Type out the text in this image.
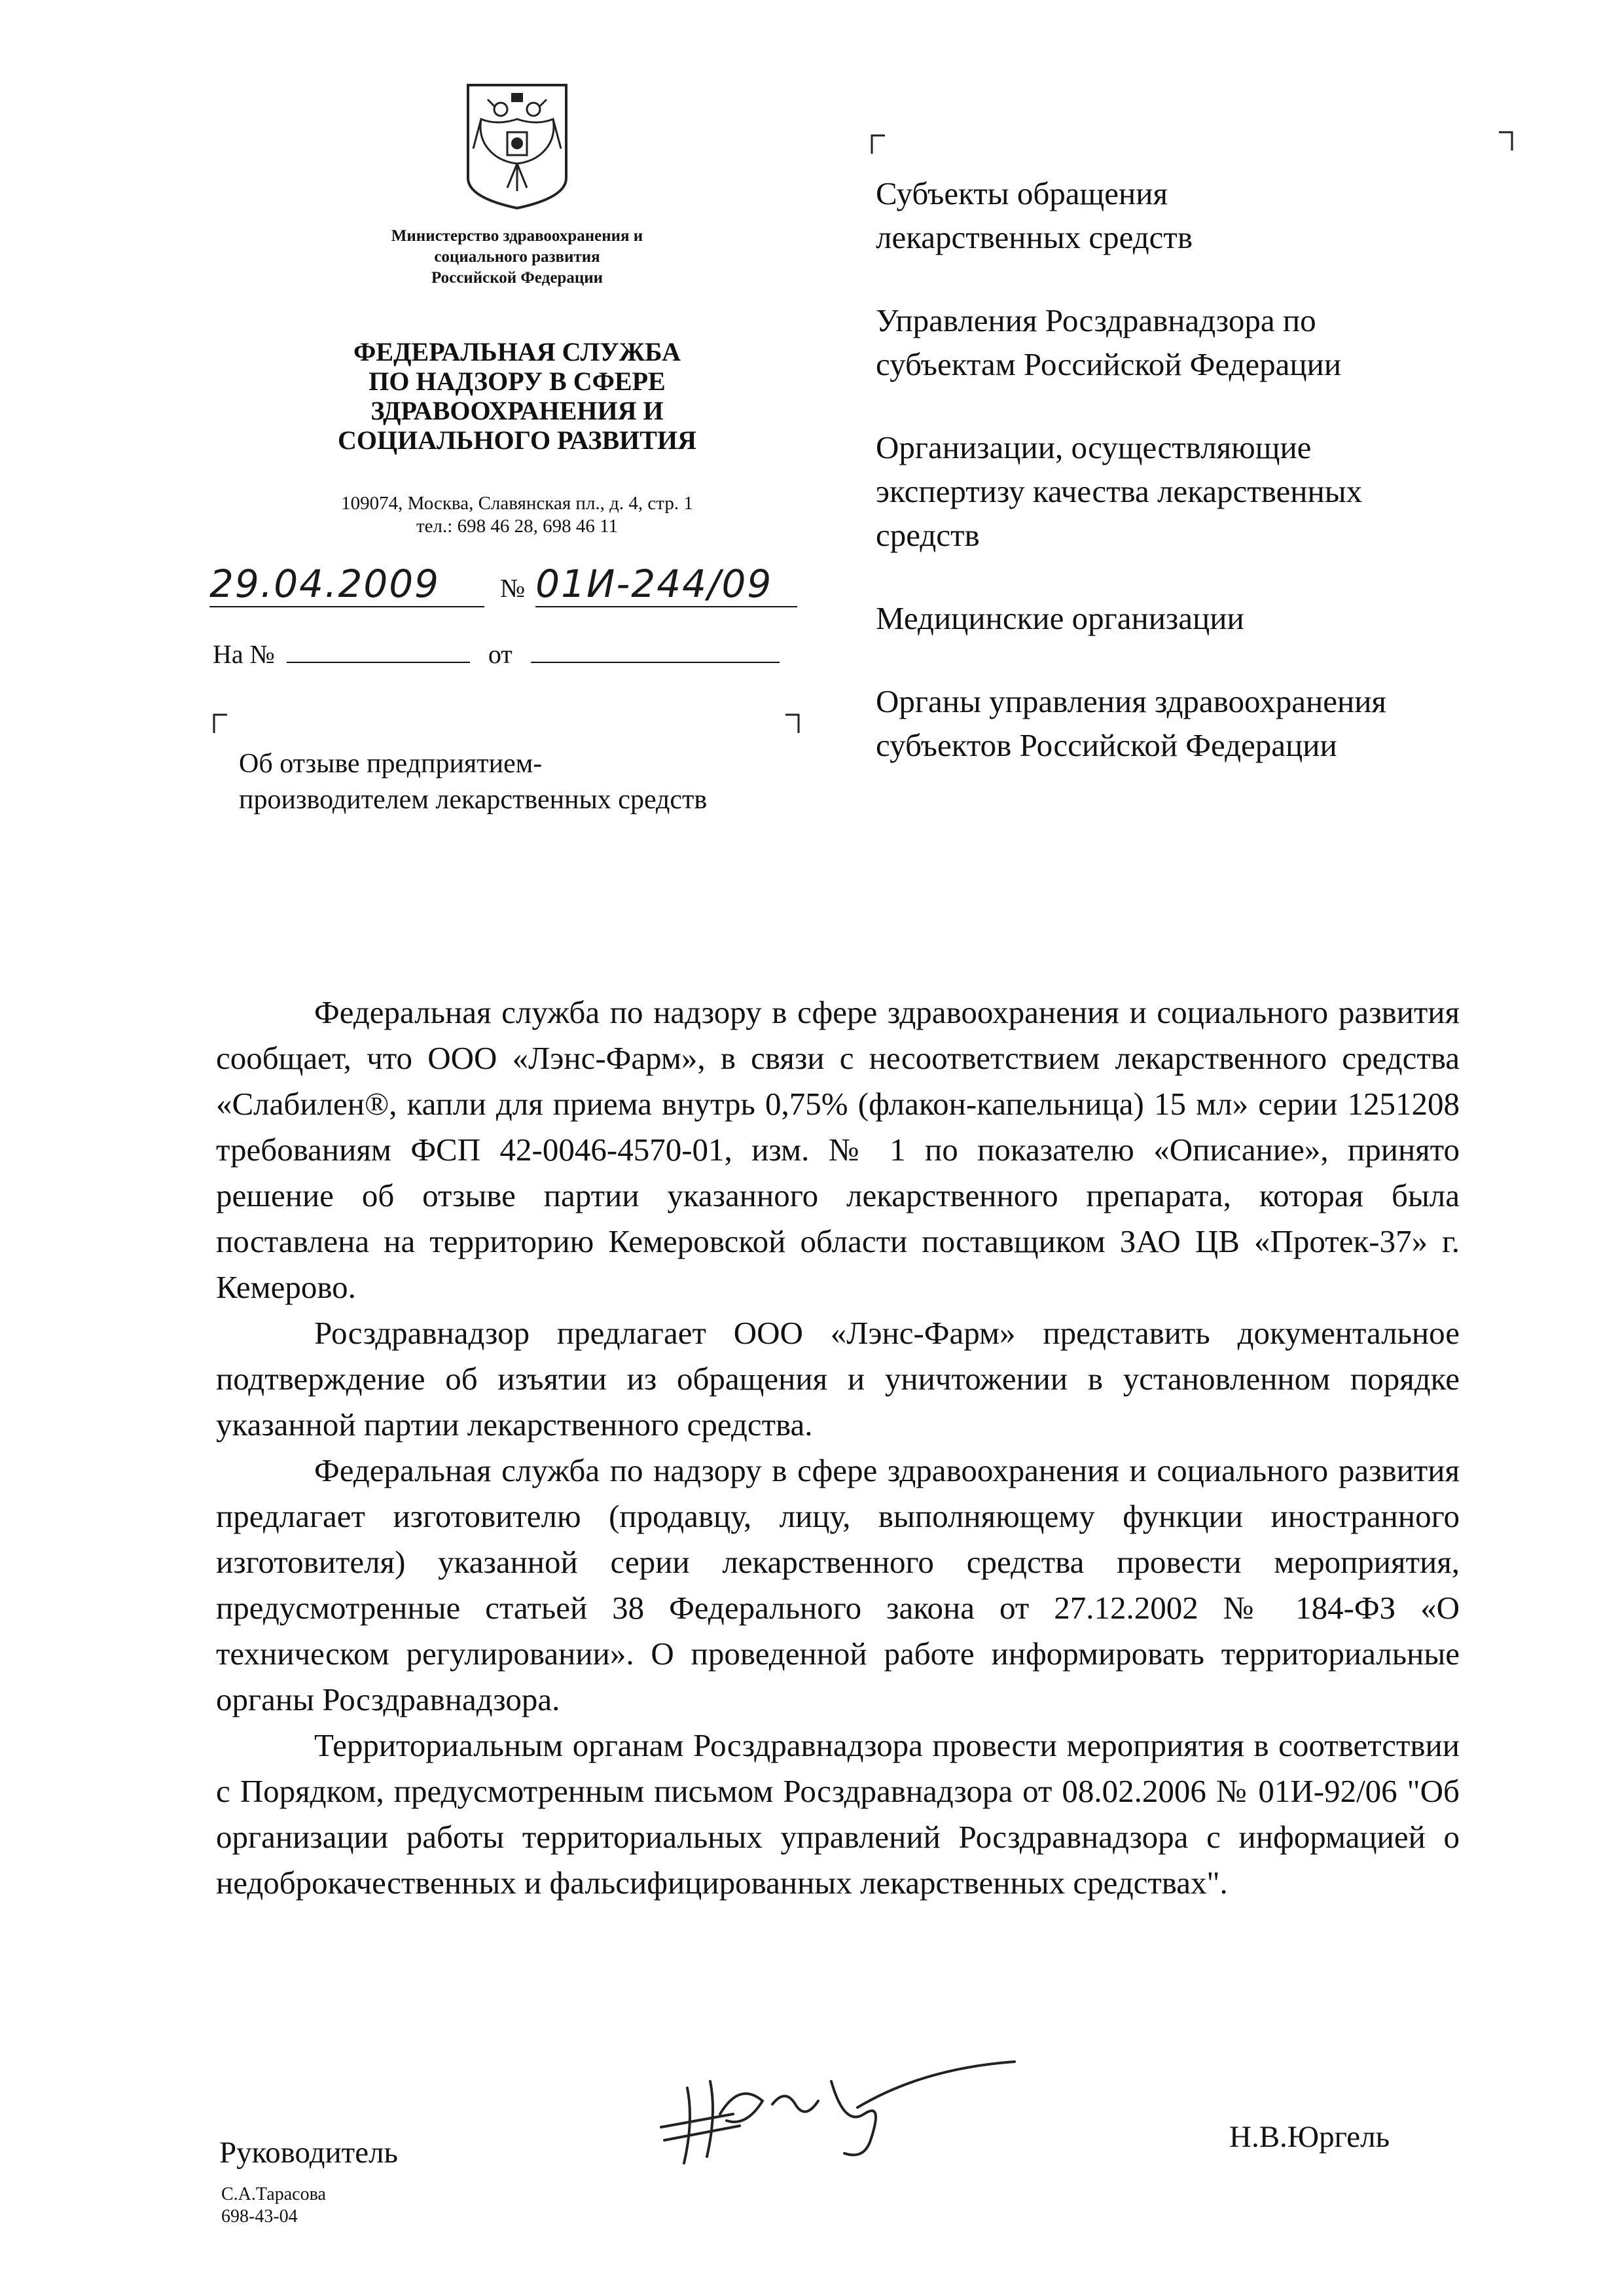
Министерство здравоохранения и
социального развития
Российской Федерации
ФЕДЕРАЛЬНАЯ СЛУЖБА
ПО НАДЗОРУ В СФЕРЕ
ЗДРАВООХРАНЕНИЯ И
СОЦИАЛЬНОГО РАЗВИТИЯ
109074, Москва, Славянская пл., д. 4, стр. 1
тел.: 698 46 28, 698 46 11
29.04.2009 № 01И-244/09
На №	от
Об отзыве предприятием-
производителем лекарственных средств
Субъекты обращения
лекарственных средств
Управления Росздравнадзора по
субъектам Российской Федерации
Организации, осуществляющие
экспертизу качества лекарственных
средств
Медицинские организации
Органы управления здравоохранения
субъектов Российской Федерации

Федеральная служба по надзору в сфере здравоохранения и социального развития сообщает, что ООО «Лэнс-Фарм», в связи с несоответствием лекарственного средства «Слабилен®, капли для приема внутрь 0,75% (флакон-капельница) 15 мл» серии 1251208 требованиям ФСП 42-0046-4570-01, изм. № 1 по показателю «Описание», принято решение об отзыве партии указанного лекарственного препарата, которая была поставлена на территорию Кемеровской области поставщиком ЗАО ЦВ «Протек-37» г. Кемерово.

Росздравнадзор предлагает ООО «Лэнс-Фарм» представить документальное подтверждение об изъятии из обращения и уничтожении в установленном порядке указанной партии лекарственного средства.

Федеральная служба по надзору в сфере здравоохранения и социального развития предлагает изготовителю (продавцу, лицу, выполняющему функции иностранного изготовителя) указанной серии лекарственного средства провести мероприятия, предусмотренные статьей 38 Федерального закона от 27.12.2002 № 184-ФЗ «О техническом регулировании». О проведенной работе информировать территориальные органы Росздравнадзора.

Территориальным органам Росздравнадзора провести мероприятия в соответствии с Порядком, предусмотренным письмом Росздравнадзора от 08.02.2006 № 01И-92/06 "Об организации работы территориальных управлений Росздравнадзора с информацией о недоброкачественных и фальсифицированных лекарственных средствах".

Руководитель	Н.В.Юргель
С.А.Тарасова
698-43-04
